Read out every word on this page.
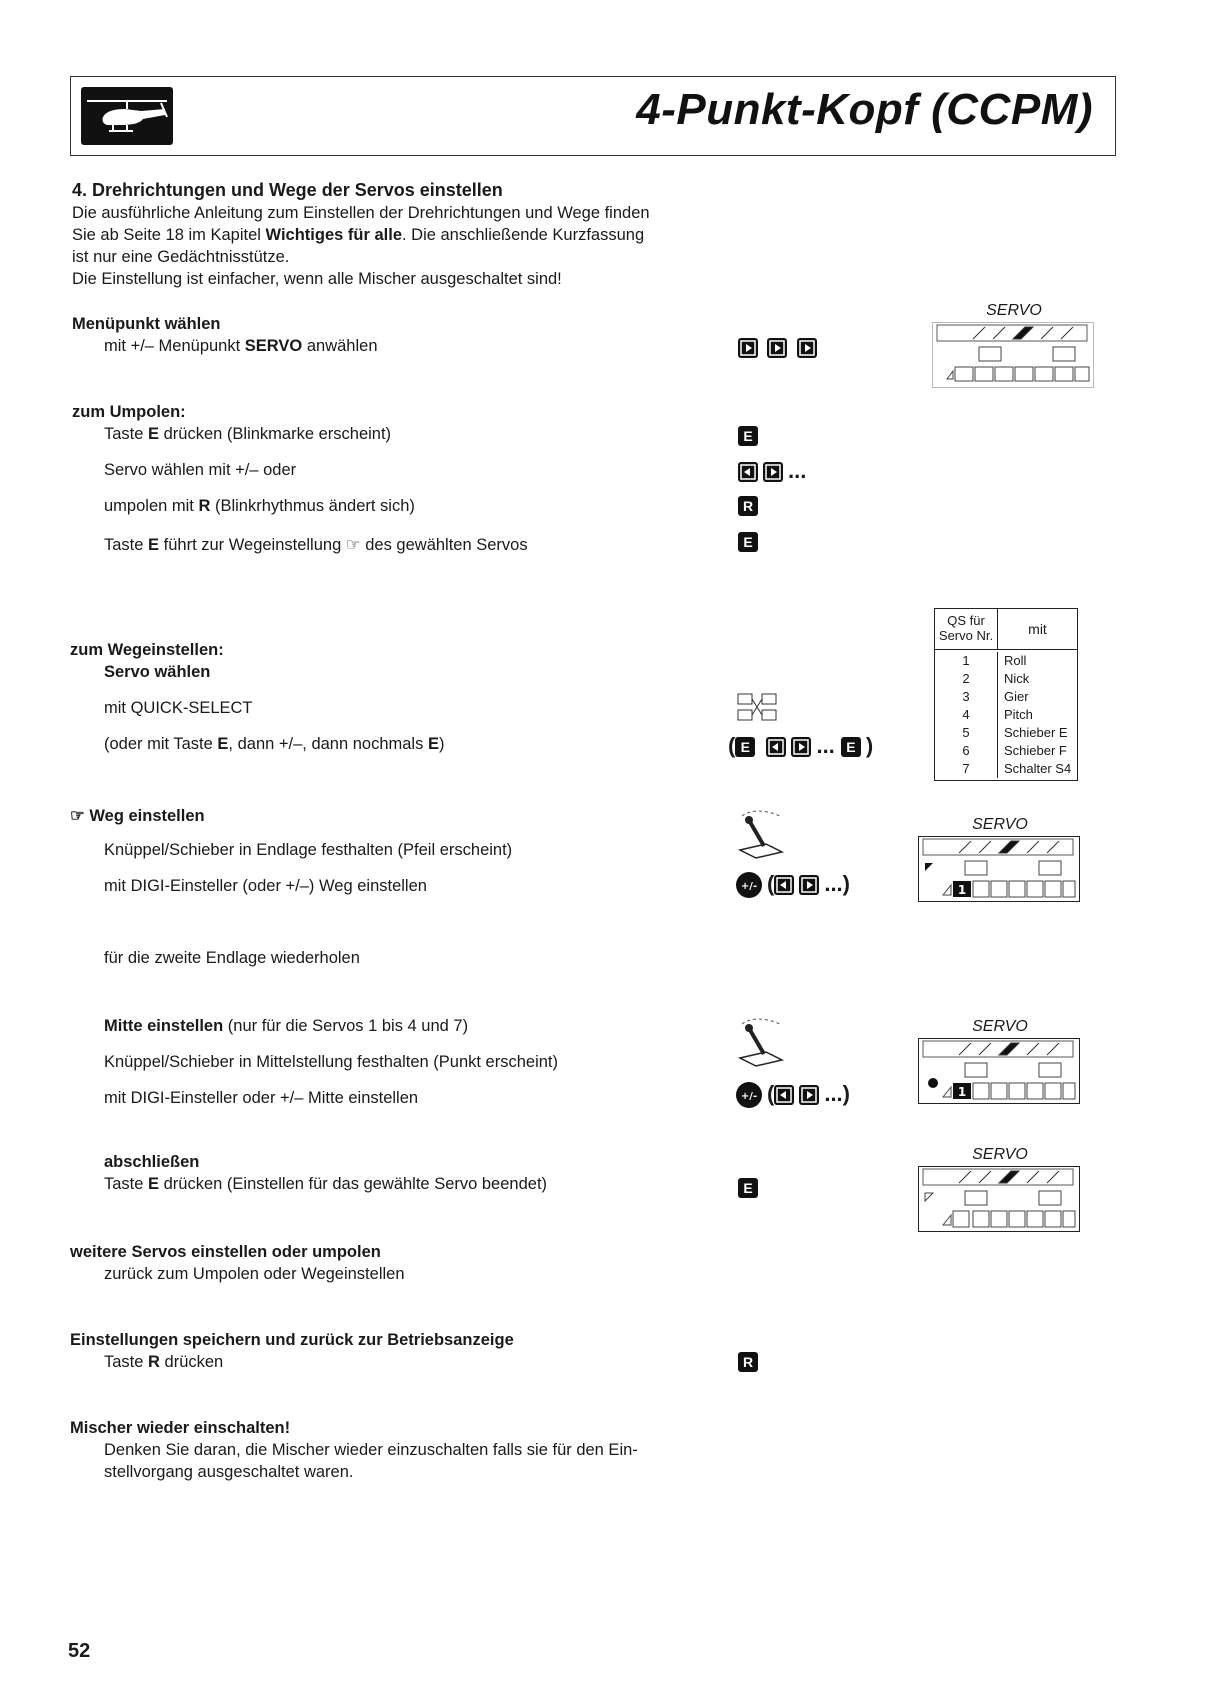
4-Punkt-Kopf (CCPM)
4. Drehrichtungen und Wege der Servos einstellen
Die ausführliche Anleitung zum Einstellen der Drehrichtungen und Wege finden
Sie ab Seite 18 im Kapitel Wichtiges für alle. Die anschließende Kurzfassung
ist nur eine Gedächtnisstütze.
Die Einstellung ist einfacher, wenn alle Mischer ausgeschaltet sind!
Menüpunkt wählen
mit +/– Menüpunkt SERVO anwählen

SERVO
zum Umpolen:
Taste E drücken (Blinkmarke erscheint)
Servo wählen mit +/– oder
umpolen mit R (Blinkrhythmus ändert sich)
Taste E führt zur Wegeinstellung ☞ des gewählten Servos
E
...
R
E
QS für
Servo Nr.	mit
1	Roll
2	Nick
3	Gier
4	Pitch
5	Schieber E
6	Schieber F
7	Schalter S4
zum Wegeinstellen:
Servo wählen
mit QUICK-SELECT
(oder mit Taste E, dann +/–, dann nochmals E)	( E	... E )
☞ Weg einstellen
Knüppel/Schieber in Endlage festhalten (Pfeil erscheint)
mit DIGI-Einsteller (oder +/–) Weg einstellen
für die zweite Endlage wiederholen
+/- ( ...)
SERVO
1
Mitte einstellen (nur für die Servos 1 bis 4 und 7)
Knüppel/Schieber in Mittelstellung festhalten (Punkt erscheint)
mit DIGI-Einsteller oder +/– Mitte einstellen	+/- ( ...)
SERVO
1
abschließen
Taste E drücken (Einstellen für das gewählte Servo beendet)	E
SERVO
weitere Servos einstellen oder umpolen
zurück zum Umpolen oder Wegeinstellen
Einstellungen speichern und zurück zur Betriebsanzeige
Taste R drücken	R
Mischer wieder einschalten!
Denken Sie daran, die Mischer wieder einzuschalten falls sie für den Ein-
stellvorgang ausgeschaltet waren.
52
